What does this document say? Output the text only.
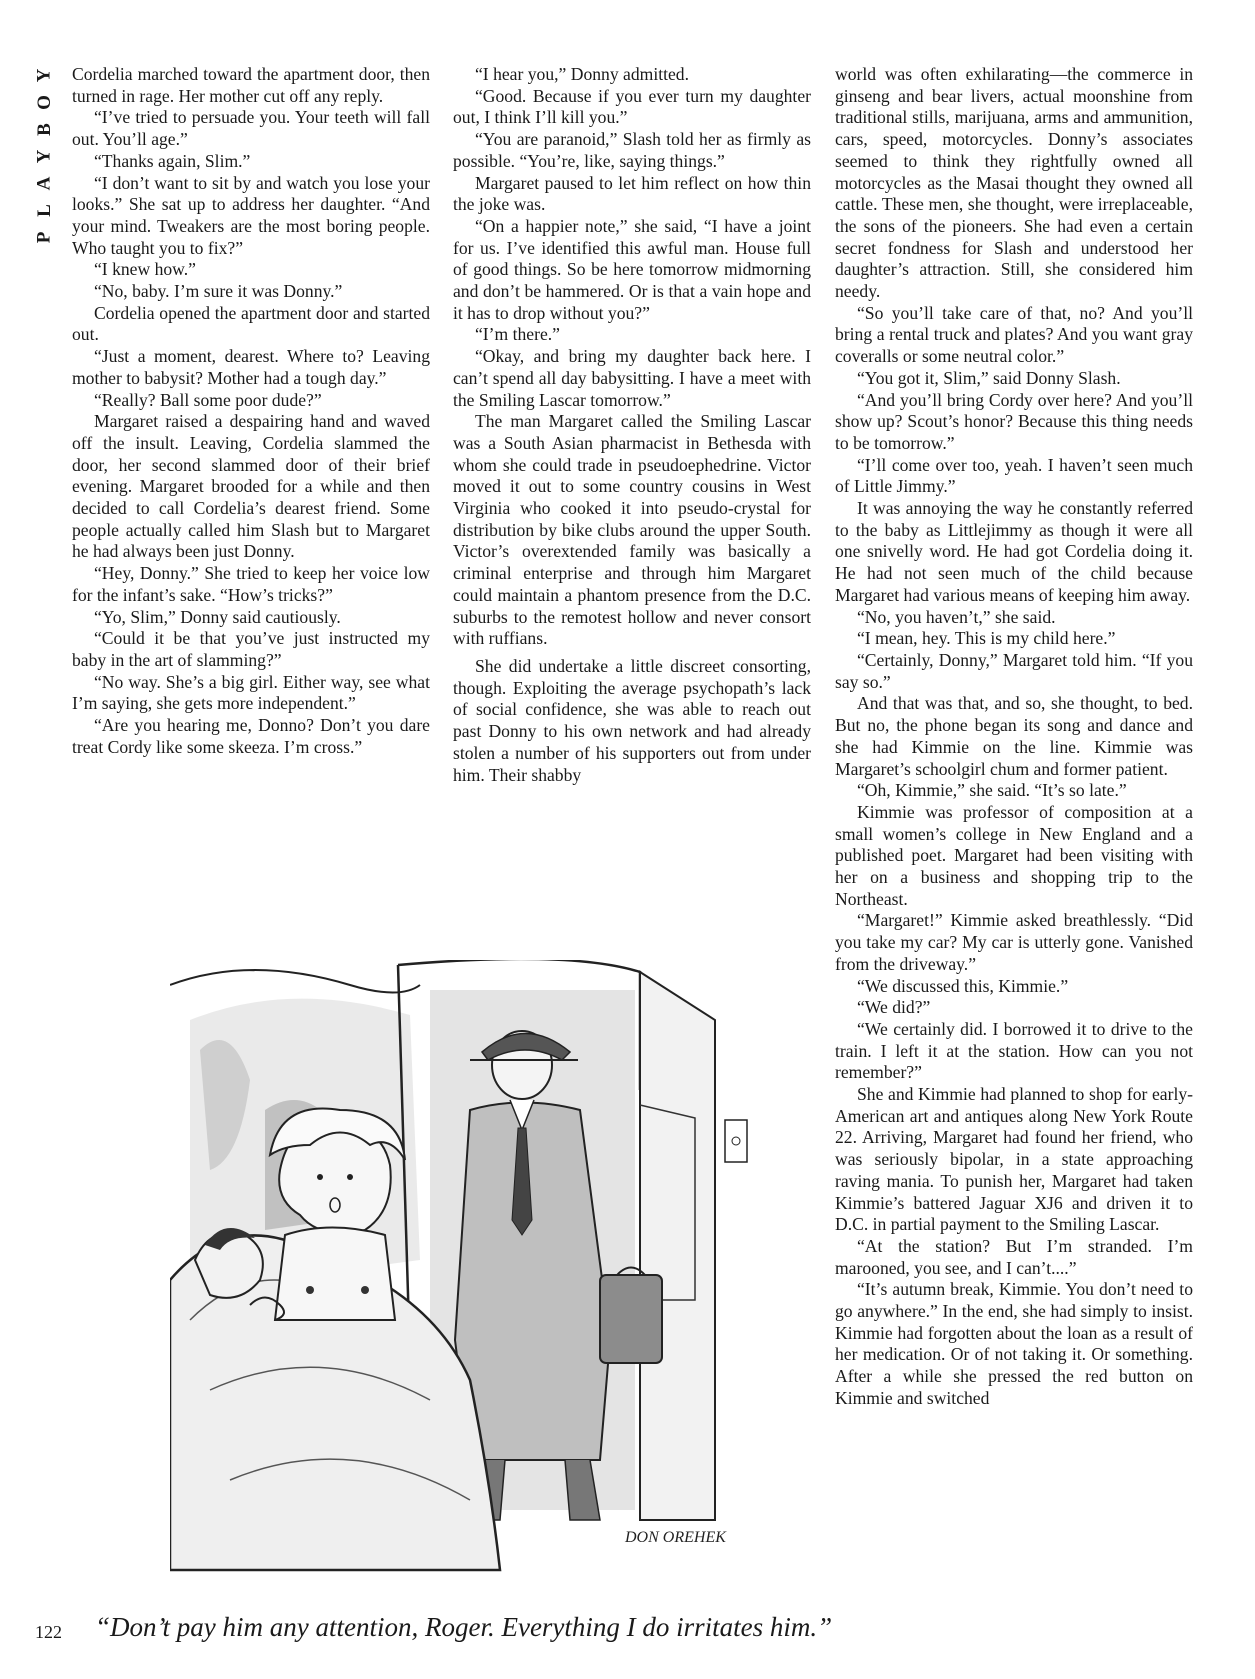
Y
O
B
Y
A
L
P

Cordelia marched toward the apartment door, then turned in rage. Her mother cut off any reply.

“I’ve tried to persuade you. Your teeth will fall out. You’ll age.”

“Thanks again, Slim.”

“I don’t want to sit by and watch you lose your looks.” She sat up to address her daughter. “And your mind. Tweakers are the most boring people. Who taught you to fix?”

“I knew how.”

“No, baby. I’m sure it was Donny.”

Cordelia opened the apartment door and started out.

“Just a moment, dearest. Where to? Leaving mother to babysit? Mother had a tough day.”

“Really? Ball some poor dude?”

Margaret raised a despairing hand and waved off the insult. Leaving, Cordelia slammed the door, her second slammed door of their brief evening. Margaret brooded for a while and then decided to call Cordelia’s dearest friend. Some people actually called him Slash but to Margaret he had always been just Donny.

“Hey, Donny.” She tried to keep her voice low for the infant’s sake. “How’s tricks?”

“Yo, Slim,” Donny said cautiously.

“Could it be that you’ve just instructed my baby in the art of slamming?”

“No way. She’s a big girl. Either way, see what I’m saying, she gets more independent.”

“Are you hearing me, Donno? Don’t you dare treat Cordy like some skeeza. I’m cross.”

“I hear you,” Donny admitted.

“Good. Because if you ever turn my daughter out, I think I’ll kill you.”

“You are paranoid,” Slash told her as firmly as possible. “You’re, like, saying things.”

Margaret paused to let him reflect on how thin the joke was.

“On a happier note,” she said, “I have a joint for us. I’ve identified this awful man. House full of good things. So be here tomorrow midmorning and don’t be hammered. Or is that a vain hope and it has to drop without you?”

“I’m there.”

“Okay, and bring my daughter back here. I can’t spend all day babysitting. I have a meet with the Smiling Lascar tomorrow.”

The man Margaret called the Smiling Lascar was a South Asian pharmacist in Bethesda with whom she could trade in pseudoephedrine. Victor moved it out to some country cousins in West Virginia who cooked it into pseudo-crystal for distribution by bike clubs around the upper South. Victor’s overextended family was basically a criminal enterprise and through him Margaret could maintain a phantom presence from the D.C. suburbs to the remotest hollow and never consort with ruffians.

She did undertake a little discreet consorting, though. Exploiting the average psychopath’s lack of social confidence, she was able to reach out past Donny to his own network and had already stolen a number of his supporters out from under him. Their shabby

world was often exhilarating—the commerce in ginseng and bear livers, actual moonshine from traditional stills, marijuana, arms and ammunition, cars, speed, motorcycles. Donny’s associates seemed to think they rightfully owned all motorcycles as the Masai thought they owned all cattle. These men, she thought, were irreplaceable, the sons of the pioneers. She had even a certain secret fondness for Slash and understood her daughter’s attraction. Still, she considered him needy.

“So you’ll take care of that, no? And you’ll bring a rental truck and plates? And you want gray coveralls or some neutral color.”

“You got it, Slim,” said Donny Slash.

“And you’ll bring Cordy over here? And you’ll show up? Scout’s honor? Because this thing needs to be tomorrow.”

“I’ll come over too, yeah. I haven’t seen much of Little Jimmy.”

It was annoying the way he constantly referred to the baby as Littlejimmy as though it were all one snivelly word. He had got Cordelia doing it. He had not seen much of the child because Margaret had various means of keeping him away.

“No, you haven’t,” she said.

“I mean, hey. This is my child here.”

“Certainly, Donny,” Margaret told him. “If you say so.”

And that was that, and so, she thought, to bed. But no, the phone began its song and dance and she had Kimmie on the line. Kimmie was Margaret’s schoolgirl chum and former patient.

“Oh, Kimmie,” she said. “It’s so late.”

Kimmie was professor of composition at a small women’s college in New England and a published poet. Margaret had been visiting with her on a business and shopping trip to the Northeast.

“Margaret!” Kimmie asked breathlessly. “Did you take my car? My car is utterly gone. Vanished from the driveway.”

“We discussed this, Kimmie.”

“We did?”

“We certainly did. I borrowed it to drive to the train. I left it at the station. How can you not remember?”

She and Kimmie had planned to shop for early-American art and antiques along New York Route 22. Arriving, Margaret had found her friend, who was seriously bipolar, in a state approaching raving mania. To punish her, Margaret had taken Kimmie’s battered Jaguar XJ6 and driven it to D.C. in partial payment to the Smiling Lascar.

“At the station? But I’m stranded. I’m marooned, you see, and I can’t....”

“It’s autumn break, Kimmie. You don’t need to go anywhere.” In the end, she had simply to insist. Kimmie had forgotten about the loan as a result of her medication. Or of not taking it. Or something. After a while she pressed the red button on Kimmie and switched

DON OREHEK
122 “Don’t pay him any attention, Roger. Everything I do irritates him.”
